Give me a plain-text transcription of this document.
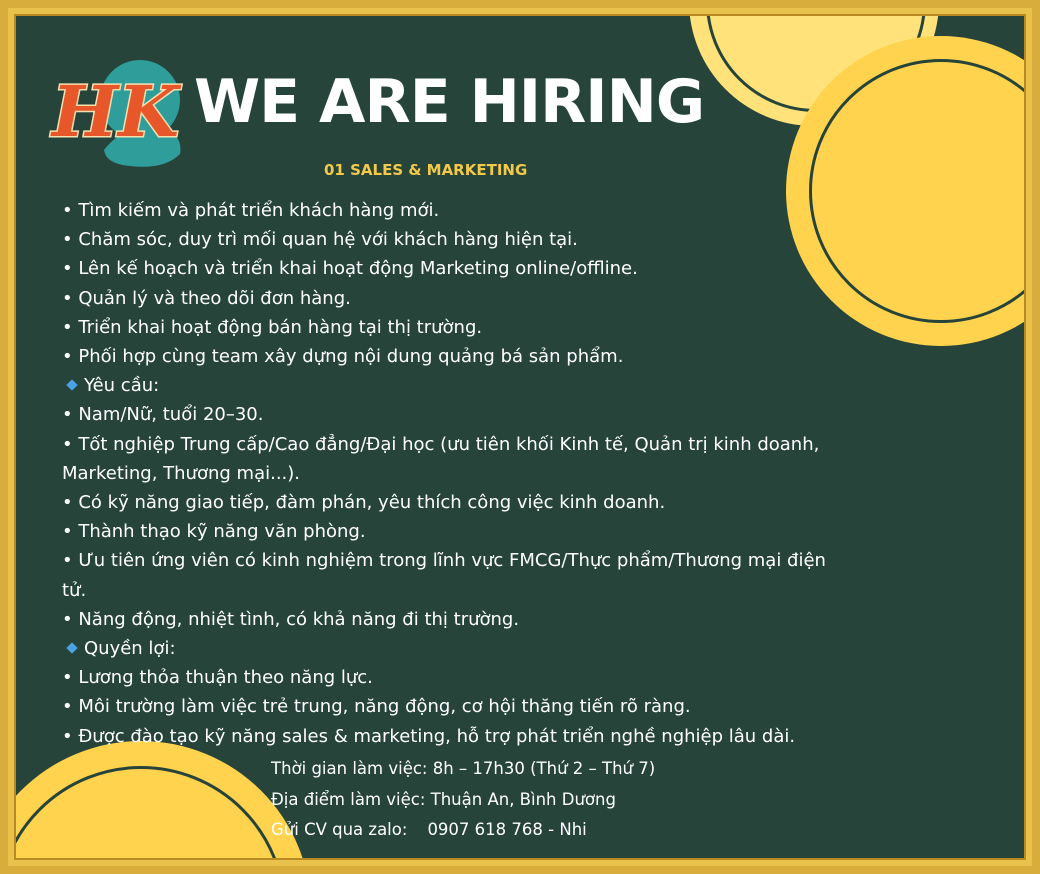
HK WE ARE HIRING
01 SALES & MARKETING
• Tìm kiếm và phát triển khách hàng mới.
• Chăm sóc, duy trì mối quan hệ với khách hàng hiện tại.
• Lên kế hoạch và triển khai hoạt động Marketing online/offline.
• Quản lý và theo dõi đơn hàng.
• Triển khai hoạt động bán hàng tại thị trường.
• Phối hợp cùng team xây dựng nội dung quảng bá sản phẩm.
Yêu cầu:
• Nam/Nữ, tuổi 20–30.
• Tốt nghiệp Trung cấp/Cao đẳng/Đại học (ưu tiên khối Kinh tế, Quản trị kinh doanh,
Marketing, Thương mại...).
• Có kỹ năng giao tiếp, đàm phán, yêu thích công việc kinh doanh.
• Thành thạo kỹ năng văn phòng.
• Ưu tiên ứng viên có kinh nghiệm trong lĩnh vực FMCG/Thực phẩm/Thương mại điện
tử.
• Năng động, nhiệt tình, có khả năng đi thị trường.
Quyền lợi:
• Lương thỏa thuận theo năng lực.
• Môi trường làm việc trẻ trung, năng động, cơ hội thăng tiến rõ ràng.
• Được đào tạo kỹ năng sales & marketing, hỗ trợ phát triển nghề nghiệp lâu dài.
Thời gian làm việc: 8h – 17h30 (Thứ 2 – Thứ 7)
Địa điểm làm việc: Thuận An, Bình Dương
Gửi CV qua zalo: 0907 618 768 - Nhi
